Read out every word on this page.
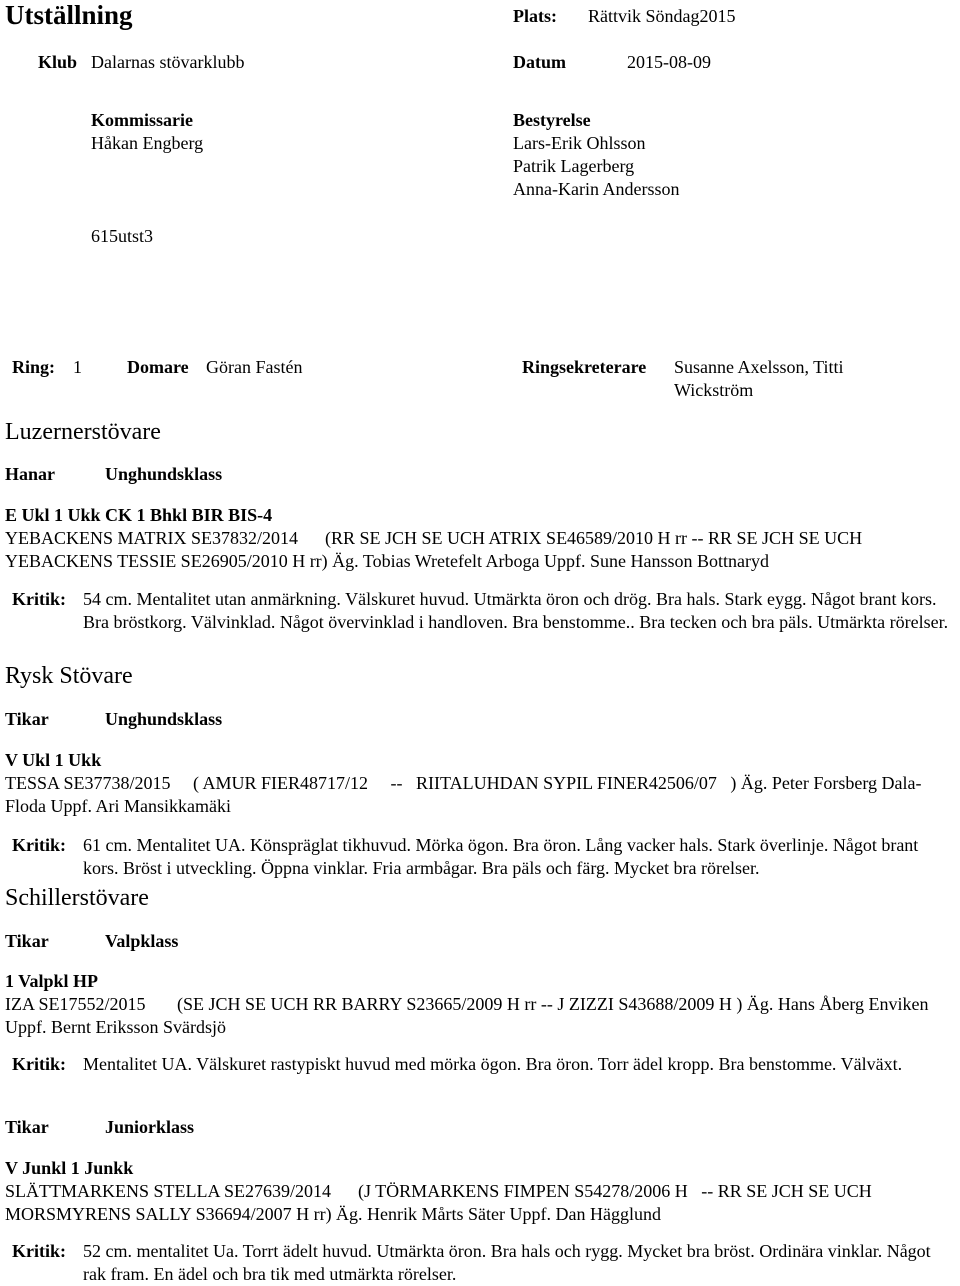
Utställning	Plats: Rättvik Söndag2015
Klub Dalarnas stövarklubb	Datum	2015-08-09
Kommissarie
Håkan Engberg
Bestyrelse
Lars-Erik Ohlsson
Patrik Lagerberg
Anna-Karin Andersson
615utst3
Ring: 1	Domare Göran Fastén	Ringsekreterare Susanne Axelsson, Titti
Wickström
Luzernerstövare
Hanar	Unghundsklass
E Ukl 1 Ukk CK 1 Bhkl BIR BIS-4
YEBACKENS MATRIX SE37832/2014      (RR SE JCH SE UCH ATRIX SE46589/2010 H rr -- RR SE JCH SE UCH YEBACKENS TESSIE SE26905/2010 H rr) Äg. Tobias Wretefelt Arboga Uppf. Sune Hansson Bottnaryd
Kritik: 54 cm. Mentalitet utan anmärkning. Välskuret huvud. Utmärkta öron och drög. Bra hals. Stark eygg. Något brant kors. Bra bröstkorg. Välvinklad. Något övervinklad i handloven. Bra benstomme.. Bra tecken och bra päls. Utmärkta rörelser.
Rysk Stövare
Tikar	Unghundsklass
V Ukl 1 Ukk
TESSA SE37738/2015     ( AMUR FIER48717/12     --   RIITALUHDAN SYPIL FINER42506/07   ) Äg. Peter Forsberg Dala-Floda Uppf. Ari Mansikkamäki
Kritik: 61 cm. Mentalitet UA. Könspräglat tikhuvud. Mörka ögon. Bra öron. Lång vacker hals. Stark överlinje. Något brant kors. Bröst i utveckling. Öppna vinklar. Fria armbågar. Bra päls och färg. Mycket bra rörelser.
Schillerstövare
Tikar	Valpklass
1 Valpkl HP
IZA SE17552/2015       (SE JCH SE UCH RR BARRY S23665/2009 H rr -- J ZIZZI S43688/2009 H ) Äg. Hans Åberg Enviken Uppf. Bernt Eriksson Svärdsjö
Kritik: Mentalitet UA. Välskuret rastypiskt huvud med mörka ögon. Bra öron. Torr ädel kropp. Bra benstomme. Välväxt.
Tikar	Juniorklass
V Junkl 1 Junkk
SLÄTTMARKENS STELLA SE27639/2014      (J TÖRMARKENS FIMPEN S54278/2006 H   -- RR SE JCH SE UCH MORSMYRENS SALLY S36694/2007 H rr) Äg. Henrik Mårts Säter Uppf. Dan Hägglund
Kritik: 52 cm. mentalitet Ua. Torrt ädelt huvud. Utmärkta öron. Bra hals och rygg. Mycket bra bröst. Ordinära vinklar. Något rak fram. En ädel och bra tik med utmärkta rörelser.
